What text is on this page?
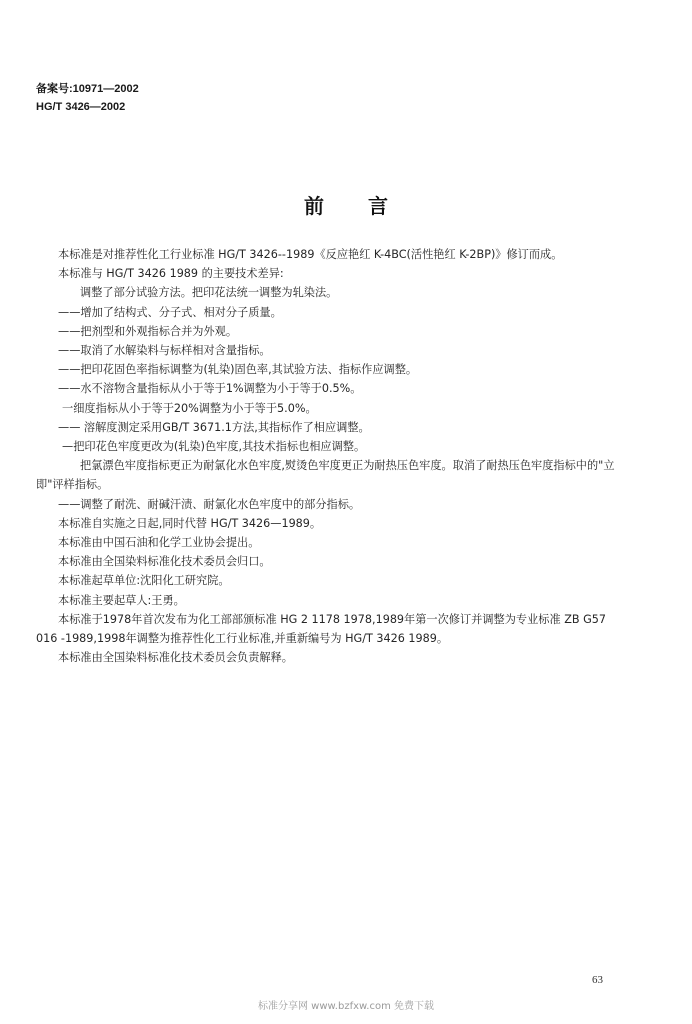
备案号:10971—2002
HG/T 3426—2002
前言

本标准是对推荐性化工行业标准 HG/T 3426--1989《反应艳红 K-4BC(活性艳红 K-2BP)》修订而成。

本标准与 HG/T 3426 1989 的主要技术差异:

调整了部分试验方法。把印花法统一调整为轧染法。

——增加了结构式、分子式、相对分子质量。

——把剂型和外观指标合并为外观。

——取消了水解染料与标样相对含量指标。

——把印花固色率指标调整为(轧染)固色率,其试验方法、指标作应调整。

——水不溶物含量指标从小于等于1%调整为小于等于0.5%。

一细度指标从小于等于20%调整为小于等于5.0%。

—— 溶解度测定采用GB/T 3671.1方法,其指标作了相应调整。

—把印花色牢度更改为(轧染)色牢度,其技术指标也相应调整。

把氯漂色牢度指标更正为耐氯化水色牢度,熨烫色牢度更正为耐热压色牢度。取消了耐热压色牢度指标中的"立即"评样指标。

——调整了耐洗、耐碱汗渍、耐氯化水色牢度中的部分指标。

本标准自实施之日起,同时代替 HG/T 3426—1989。

本标准由中国石油和化学工业协会提出。

本标准由全国染料标准化技术委员会归口。

本标准起草单位:沈阳化工研究院。

本标准主要起草人:王勇。

本标准于1978年首次发布为化工部部颁标准 HG 2 1178 1978,1989年第一次修订并调整为专业标准 ZB G57 016 -1989,1998年调整为推荐性化工行业标准,并重新编号为 HG/T 3426 1989。

本标准由全国染料标准化技术委员会负责解释。

63
标准分享网 www.bzfxw.com 免费下载
